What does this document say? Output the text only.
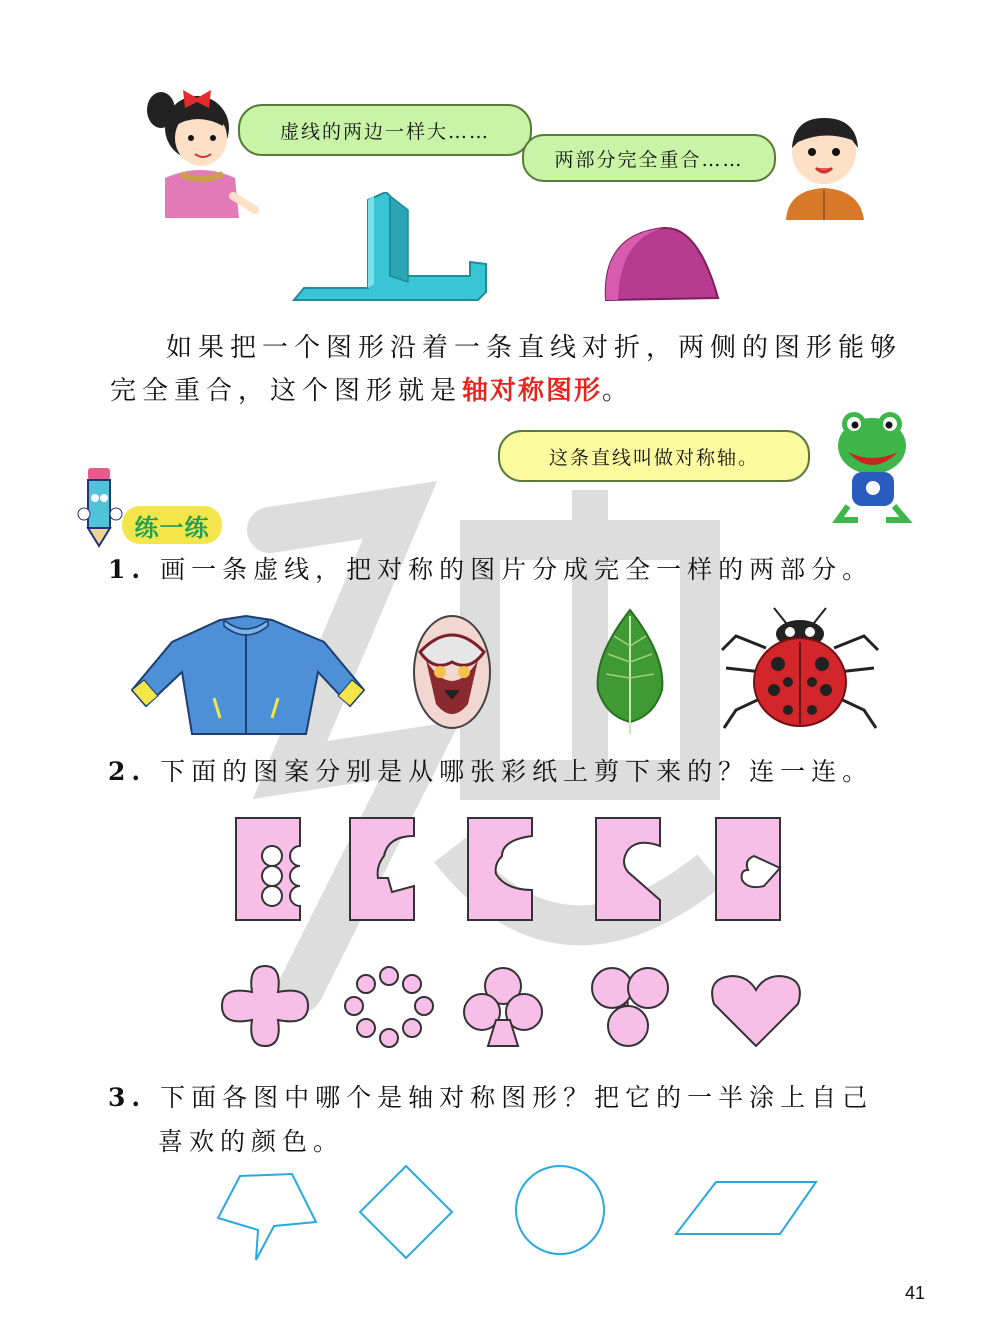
虚线的两边一样大……
两部分完全重合……
如果把一个图形沿着一条直线对折，两侧的图形能够
完全重合，这个图形就是轴对称图形。
这条直线叫做对称轴。
练一练
1. 画一条虚线，把对称的图片分成完全一样的两部分。
2. 下面的图案分别是从哪张彩纸上剪下来的？连一连。
3. 下面各图中哪个是轴对称图形？把它的一半涂上自己
喜欢的颜色。
41
